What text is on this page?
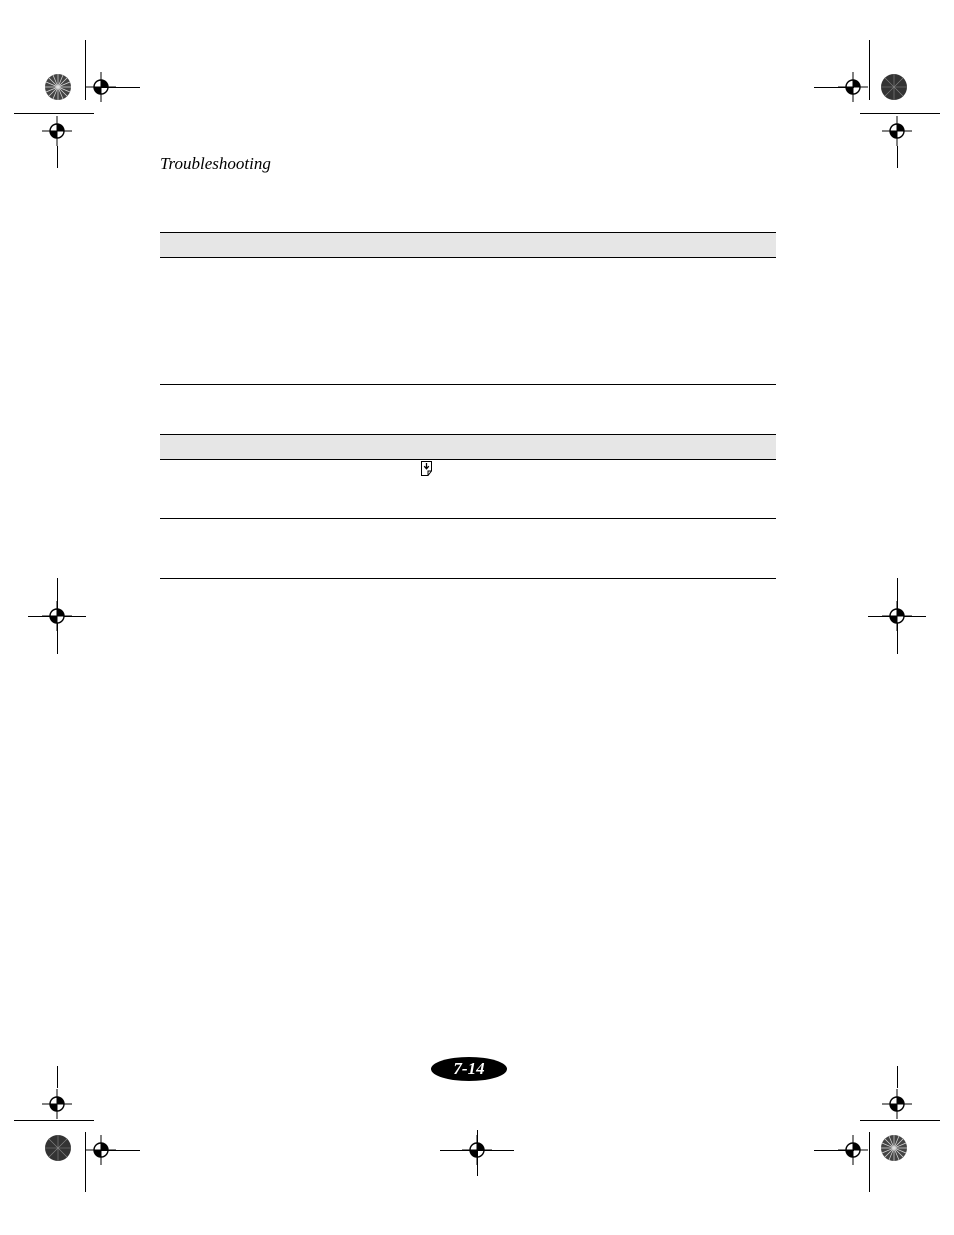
Troubleshooting
7-14
